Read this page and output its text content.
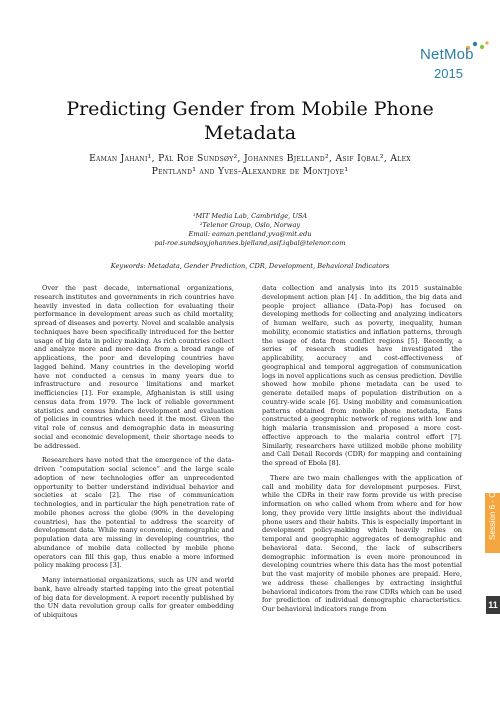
NetMob
2015
Predicting Gender from Mobile Phone Metadata
Eaman Jahani¹, Pål Roe Sundsøy², Johannes Bjelland², Asif Iqbal², Alex Pentland¹ and Yves-Alexandre de Montjoye¹
¹MIT Media Lab, Cambridge, USA
²Telenor Group, Oslo, Norway
Email: eaman.pentland,yva@mit.edu
pal-roe.sundsoy,johannes.bjelland,asif.iqbal@telenor.com
Keywords: Metadata, Gender Prediction, CDR, Development, Behavioral Indicators

Over the past decade, international organizations, research institutes and governments in rich countries have heavily invested in data collection for evaluating their performance in development areas such as child mortality, spread of diseases and poverty. Novel and scalable analysis techniques have been specifically introduced for the better usage of big data in policy making. As rich countries collect and analyze more and more data from a broad range of applications, the poor and developing countries have lagged behind. Many countries in the developing world have not conducted a census in many years due to infrastructure and resource limitations and market inefficiencies [1]. For example, Afghanistan is still using census data from 1979. The lack of reliable government statistics and census hinders development and evaluation of policies in countries which need it the most. Given the vital role of census and demographic data in measuring social and economic development, their shortage needs to be addressed.

Researchers have noted that the emergence of the data-driven “computation social science” and the large scale adoption of new technologies offer an unprecedented opportunity to better understand individual behavior and societies at scale [2]. The rise of communication technologies, and in particular the high penetration rate of mobile phones across the globe (90% in the developing countries), has the potential to address the scarcity of development data. While many economic, demographic and population data are missing in developing countries, the abundance of mobile data collected by mobile phone operators can fill this gap, thus enable a more informed policy making process [3].

Many international organizations, such as UN and world bank, have already started tapping into the great potential of big data for development. A report recently published by the UN data revolution group calls for greater embedding of ubiquitous

data collection and analysis into its 2015 sustainable development action plan [4] . In addition, the big data and people project alliance (Data-Pop) has focused on developing methods for collecting and analyzing indicators of human welfare, such as poverty, inequality, human mobility, economic statistics and inflation patterns, through the usage of data from conflict regions [5]. Recently, a series of research studies have investigated the applicability, accuracy and cost-effectiveness of geographical and temporal aggregation of communication logs in novel applications such as census prediction. Deville showed how mobile phone metadata can be used to generate detailed maps of population distribution on a country-wide scale [6]. Using mobility and communication patterns obtained from mobile phone metadata, Eans constructed a geographic network of regions with low and high malaria transmission and proposed a more cost-effective approach to the malaria control effort [7]. Similarly, researchers have utilized mobile phone mobility and Call Detail Records (CDR) for mapping and containing the spread of Ebola [8].

There are two main challenges with the application of call and mobility data for development purposes. First, while the CDRs in their raw form provide us with precise information on who called whom from where and for how long, they provide very little insights about the individual phone users and their habits. This is especially important in development policy-making which heavily relies on temporal and geographic aggregates of demographic and behavioral data. Second, the lack of subscribers demographic information is even more pronounced in developing countries where this data has the most potential but the vast majority of mobile phones are prepaid. Here, we address these challenges by extracting insightful behavioral indicators from the raw CDRs which can be used for prediction of individual demographic characteristics. Our behavioral indicators range from

Session 6 - Cities (III)
11
